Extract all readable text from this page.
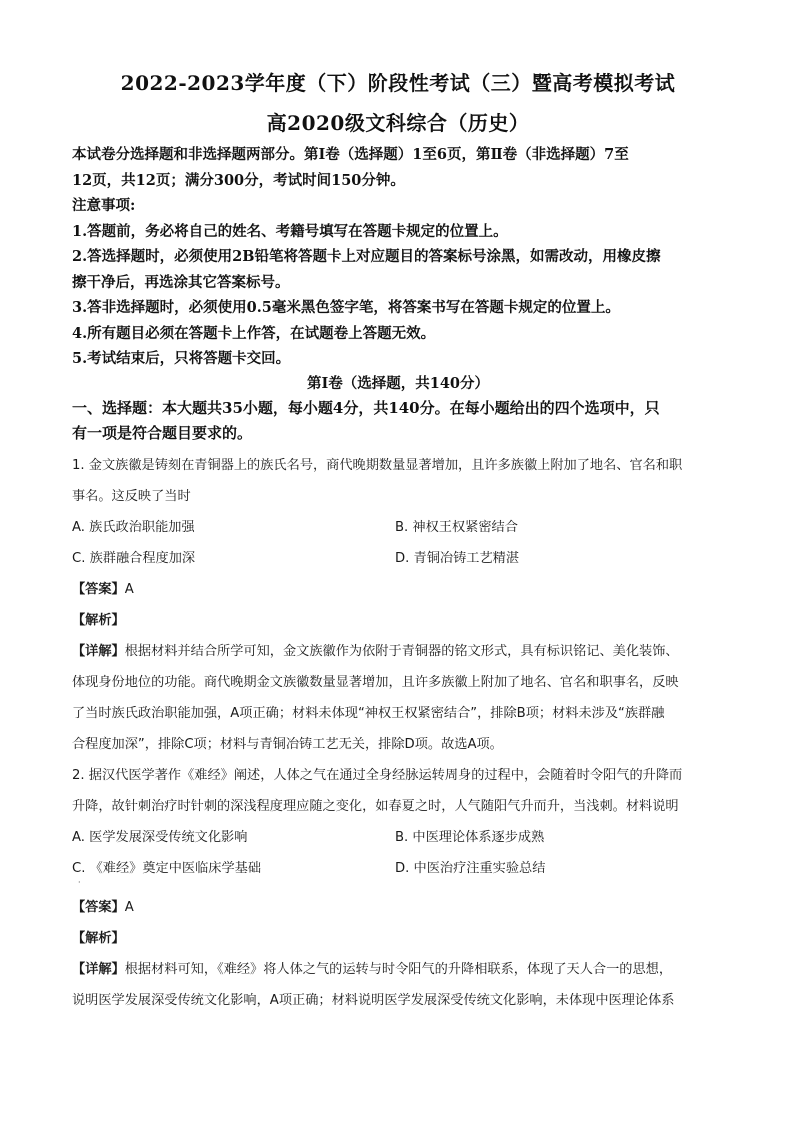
2022-2023学年度（下）阶段性考试（三）暨高考模拟考试

高2020级文科综合（历史）

本试卷分选择题和非选择题两部分。第Ⅰ卷（选择题）1至6页，第Ⅱ卷（非选择题）7至

12页，共12页；满分300分，考试时间150分钟。

注意事项:

1.答题前，务必将自己的姓名、考籍号填写在答题卡规定的位置上。

2.答选择题时，必须使用2B铅笔将答题卡上对应题目的答案标号涂黑，如需改动，用橡皮擦

擦干净后，再选涂其它答案标号。

3.答非选择题时，必须使用0.5毫米黑色签字笔，将答案书写在答题卡规定的位置上。

4.所有题目必须在答题卡上作答，在试题卷上答题无效。

5.考试结束后，只将答题卡交回。

第Ⅰ卷（选择题，共140分）

一、选择题：本大题共35小题，每小题4分，共140分。在每小题给出的四个选项中，只

有一项是符合题目要求的。

1. 金文族徽是铸刻在青铜器上的族氏名号，商代晚期数量显著增加，且许多族徽上附加了地名、官名和职

事名。这反映了当时

A. 族氏政治职能加强	B. 神权王权紧密结合
C. 族群融合程度加深	D. 青铜冶铸工艺精湛

【答案】A

【解析】

【详解】根据材料并结合所学可知，金文族徽作为依附于青铜器的铭文形式，具有标识铭记、美化装饰、

体现身份地位的功能。商代晚期金文族徽数量显著增加，且许多族徽上附加了地名、官名和职事名，反映

了当时族氏政治职能加强，A项正确；材料未体现“神权王权紧密结合”，排除B项；材料未涉及“族群融

合程度加深”，排除C项；材料与青铜冶铸工艺无关，排除D项。故选A项。

2. 据汉代医学著作《难经》阐述，人体之气在通过全身经脉运转周身的过程中，会随着时令阳气的升降而

升降，故针刺治疗时针刺的深浅程度理应随之变化，如春夏之时，人气随阳气升而升，当浅刺。材料说明

A. 医学发展深受传统文化影响	B. 中医理论体系逐步成熟
C. 《难经》奠定中医临床学基础	D. 中医治疗注重实验总结
·

【答案】A

【解析】

【详解】根据材料可知，《难经》将人体之气的运转与时令阳气的升降相联系，体现了天人合一的思想，

说明医学发展深受传统文化影响，A项正确；材料说明医学发展深受传统文化影响，未体现中医理论体系
